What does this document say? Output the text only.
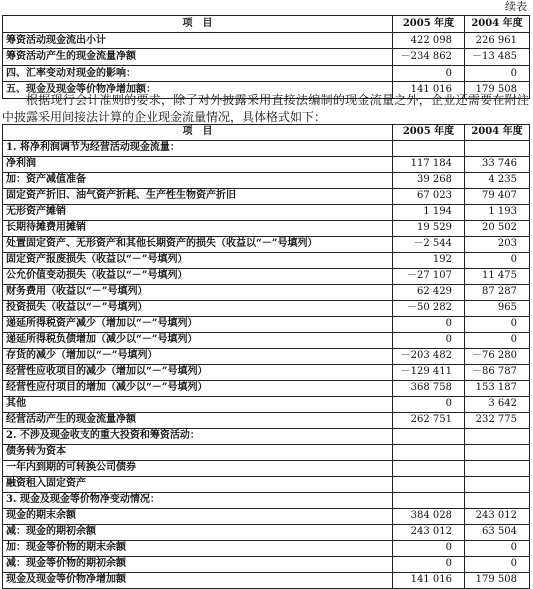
续表
项　目	2005 年度	2004 年度
筹资活动现金流出小计	422 098	226 961
筹资活动产生的现金流量净额	－234 862	－13 485
四、汇率变动对现金的影响：	0	0
五、现金及现金等价物净增加额：	141 016	179 508

根据现行会计准则的要求，除了对外披露采用直接法编制的现金流量之外，企业还需要在附注中披露采用间接法计算的企业现金流量情况，具体格式如下：

项　目	2005 年度	2004 年度
1. 将净利润调节为经营活动现金流量：		
净利润	117 184	33 746
加：资产减值准备	39 268	4 235
固定资产折旧、油气资产折耗、生产性生物资产折旧	67 023	79 407
无形资产摊销	1 194	1 193
长期待摊费用摊销	19 529	20 502
处置固定资产、无形资产和其他长期资产的损失（收益以“－”号填列）	－2 544	203
固定资产报废损失（收益以“－”号填列）	192	0
公允价值变动损失（收益以“－”号填列）	－27 107	11 475
财务费用（收益以“－”号填列）	62 429	87 287
投资损失（收益以“－”号填列）	－50 282	965
递延所得税资产减少（增加以“－”号填列）	0	0
递延所得税负债增加（减少以“－”号填列）	0	0
存货的减少（增加以“－”号填列）	－203 482	－76 280
经营性应收项目的减少（增加以“－”号填列）	－129 411	－86 787
经营性应付项目的增加（减少以“－”号填列）	368 758	153 187
其他	0	3 642
经营活动产生的现金流量净额	262 751	232 775
2. 不涉及现金收支的重大投资和筹资活动：		
债务转为资本		
一年内到期的可转换公司债券		
融资租入固定资产		
3. 现金及现金等价物净变动情况：		
现金的期末余额	384 028	243 012
减：现金的期初余额	243 012	63 504
加：现金等价物的期末余额	0	0
减：现金等价物的期初余额	0	0
现金及现金等价物净增加额	141 016	179 508
